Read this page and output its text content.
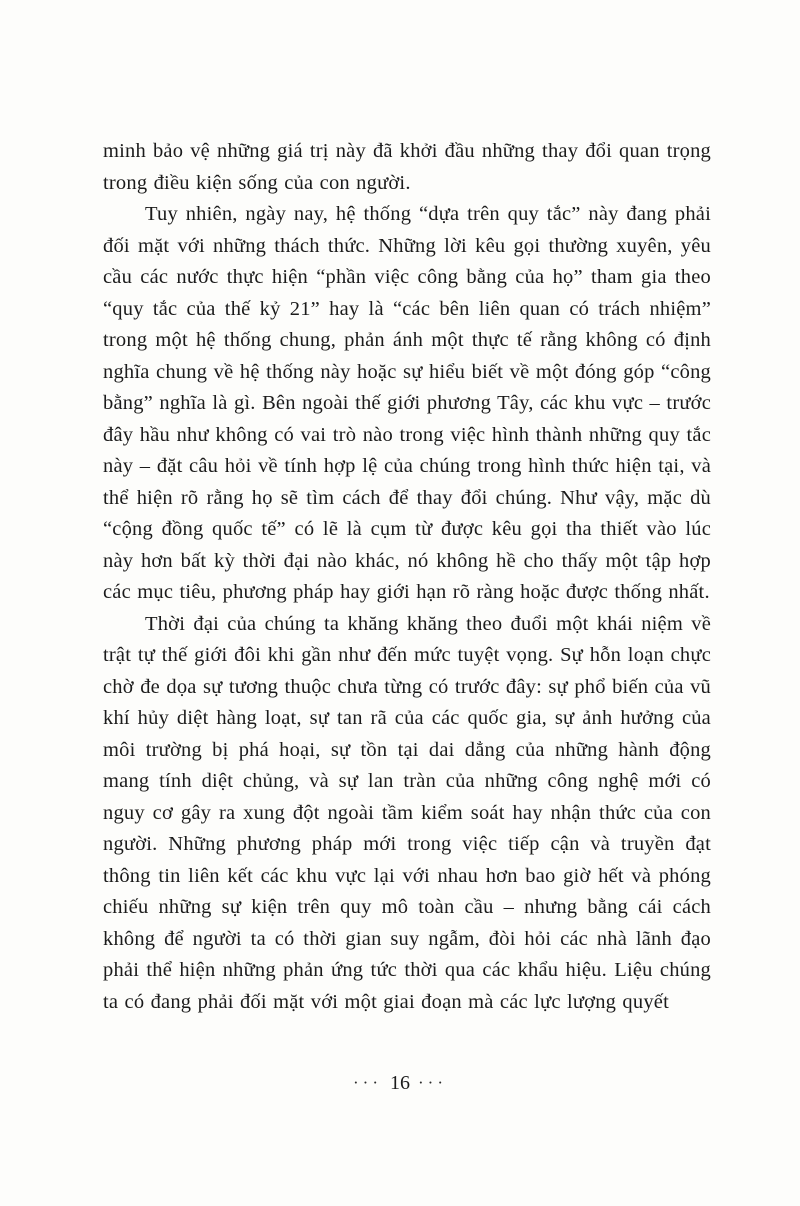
minh bảo vệ những giá trị này đã khởi đầu những thay đổi quan trọng trong điều kiện sống của con người.

Tuy nhiên, ngày nay, hệ thống “dựa trên quy tắc” này đang phải đối mặt với những thách thức. Những lời kêu gọi thường xuyên, yêu cầu các nước thực hiện “phần việc công bằng của họ” tham gia theo “quy tắc của thế kỷ 21” hay là “các bên liên quan có trách nhiệm” trong một hệ thống chung, phản ánh một thực tế rằng không có định nghĩa chung về hệ thống này hoặc sự hiểu biết về một đóng góp “công bằng” nghĩa là gì. Bên ngoài thế giới phương Tây, các khu vực – trước đây hầu như không có vai trò nào trong việc hình thành những quy tắc này – đặt câu hỏi về tính hợp lệ của chúng trong hình thức hiện tại, và thể hiện rõ rằng họ sẽ tìm cách để thay đổi chúng. Như vậy, mặc dù “cộng đồng quốc tế” có lẽ là cụm từ được kêu gọi tha thiết vào lúc này hơn bất kỳ thời đại nào khác, nó không hề cho thấy một tập hợp các mục tiêu, phương pháp hay giới hạn rõ ràng hoặc được thống nhất.

Thời đại của chúng ta khăng khăng theo đuổi một khái niệm về trật tự thế giới đôi khi gần như đến mức tuyệt vọng. Sự hỗn loạn chực chờ đe dọa sự tương thuộc chưa từng có trước đây: sự phổ biến của vũ khí hủy diệt hàng loạt, sự tan rã của các quốc gia, sự ảnh hưởng của môi trường bị phá hoại, sự tồn tại dai dẳng của những hành động mang tính diệt chủng, và sự lan tràn của những công nghệ mới có nguy cơ gây ra xung đột ngoài tầm kiểm soát hay nhận thức của con người. Những phương pháp mới trong việc tiếp cận và truyền đạt thông tin liên kết các khu vực lại với nhau hơn bao giờ hết và phóng chiếu những sự kiện trên quy mô toàn cầu – nhưng bằng cái cách không để người ta có thời gian suy ngẫm, đòi hỏi các nhà lãnh đạo phải thể hiện những phản ứng tức thời qua các khẩu hiệu. Liệu chúng ta có đang phải đối mặt với một giai đoạn mà các lực lượng quyết

··· 16 ···
